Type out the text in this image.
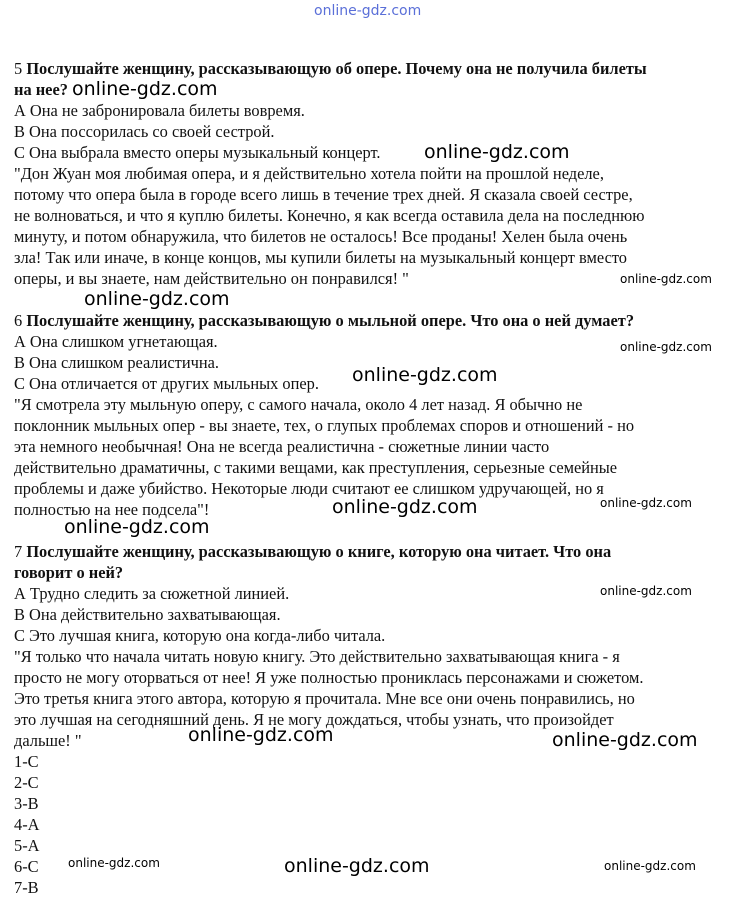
online-gdz.com
5 Послушайте женщину, рассказывающую об опере. Почему она не получила билеты
на нее?
А Она не забронировала билеты вовремя.
В Она поссорилась со своей сестрой.
С Она выбрала вместо оперы музыкальный концерт.
"Дон Жуан моя любимая опера, и я действительно хотела пойти на прошлой неделе,
потому что опера была в городе всего лишь в течение трех дней. Я сказала своей сестре,
не волноваться, и что я куплю билеты. Конечно, я как всегда оставила дела на последнюю
минуту, и потом обнаружила, что билетов не осталось! Все проданы! Хелен была очень
зла! Так или иначе, в конце концов, мы купили билеты на музыкальный концерт вместо
оперы, и вы знаете, нам действительно он понравился! "
6 Послушайте женщину, рассказывающую о мыльной опере. Что она о ней думает?
А Она слишком угнетающая.
В Она слишком реалистична.
С Она отличается от других мыльных опер.
"Я смотрела эту мыльную оперу, с самого начала, около 4 лет назад. Я обычно не
поклонник мыльных опер - вы знаете, тех, о глупых проблемах споров и отношений - но
эта немного необычная! Она не всегда реалистична - сюжетные линии часто
действительно драматичны, с такими вещами, как преступления, серьезные семейные
проблемы и даже убийство. Некоторые люди считают ее слишком удручающей, но я
полностью на нее подсела"!
7 Послушайте женщину, рассказывающую о книге, которую она читает. Что она
говорит о ней?
А Трудно следить за сюжетной линией.
В Она действительно захватывающая.
С Это лучшая книга, которую она когда-либо читала.
"Я только что начала читать новую книгу. Это действительно захватывающая книга - я
просто не могу оторваться от нее! Я уже полностью прониклась персонажами и сюжетом.
Это третья книга этого автора, которую я прочитала. Мне все они очень понравились, но
это лучшая на сегодняшний день. Я не могу дождаться, чтобы узнать, что произойдет
дальше! "
1-С
2-С
3-В
4-А
5-А
6-С
7-В
online-gdz.com
online-gdz.com
online-gdz.com
online-gdz.com
online-gdz.com
online-gdz.com
online-gdz.com
online-gdz.com
online-gdz.com
online-gdz.com
online-gdz.com	online-gdz.com
online-gdz.com	online-gdz.com	online-gdz.com
